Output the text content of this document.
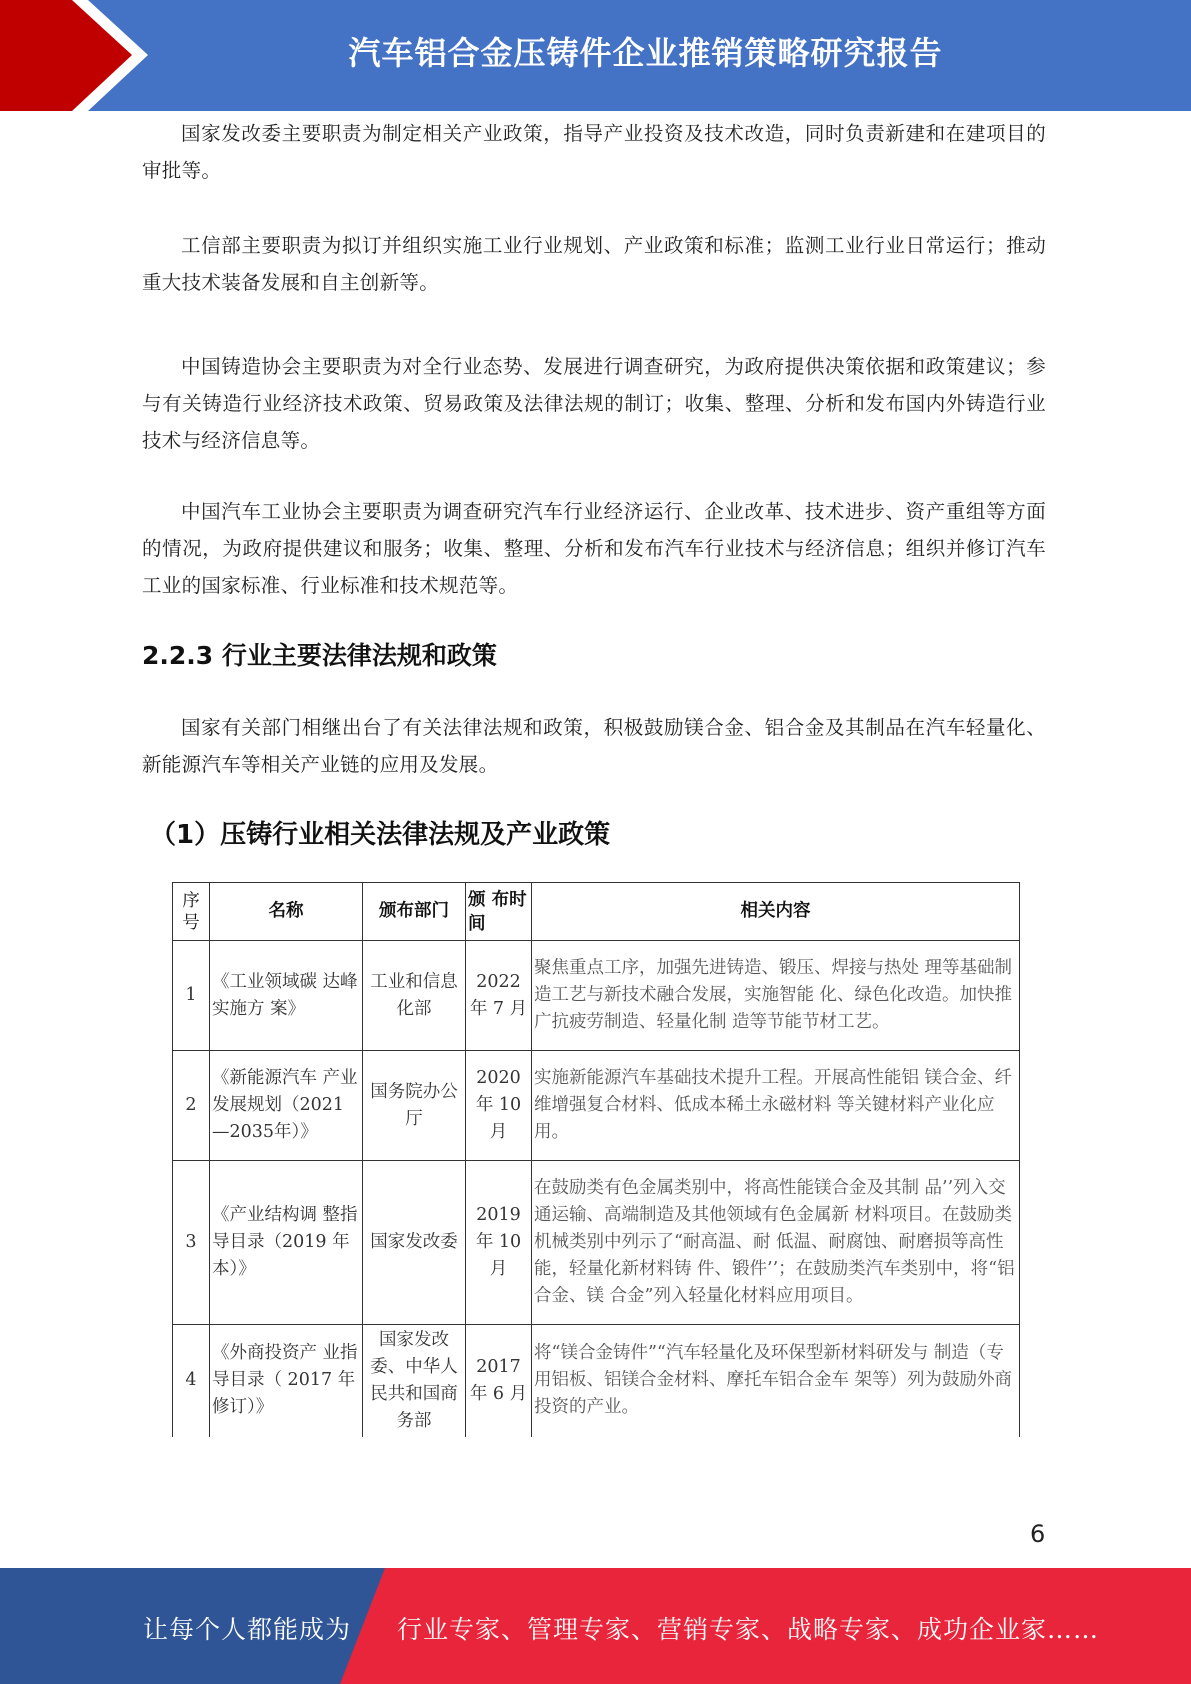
汽车铝合金压铸件企业推销策略研究报告

国家发改委主要职责为制定相关产业政策，指导产业投资及技术改造，同时负责新建和在建项目的审批等。

工信部主要职责为拟订并组织实施工业行业规划、产业政策和标准；监测工业行业日常运行；推动重大技术装备发展和自主创新等。

中国铸造协会主要职责为对全行业态势、发展进行调查研究，为政府提供决策依据和政策建议；参与有关铸造行业经济技术政策、贸易政策及法律法规的制订；收集、整理、分析和发布国内外铸造行业技术与经济信息等。

中国汽车工业协会主要职责为调查研究汽车行业经济运行、企业改革、技术进步、资产重组等方面的情况，为政府提供建议和服务；收集、整理、分析和发布汽车行业技术与经济信息；组织并修订汽车工业的国家标准、行业标准和技术规范等。

2.2.3 行业主要法律法规和政策

国家有关部门相继出台了有关法律法规和政策，积极鼓励镁合金、铝合金及其制品在汽车轻量化、新能源汽车等相关产业链的应用及发展。

（1）压铸行业相关法律法规及产业政策
序号	名称	颁布部门	颁 布时间	相关内容
1	《工业领域碳 达峰实施方 案》	工业和信息化部	2022 年 7 月	聚焦重点工序，加强先进铸造、锻压、焊接与热处 理等基础制造工艺与新技术融合发展，实施智能 化、绿色化改造。加快推广抗疲劳制造、轻量化制 造等节能节材工艺。
2	《新能源汽车 产业发展规划（2021—2035年）》	国务院办公厅	2020 年 10 月	实施新能源汽车基础技术提升工程。开展高性能铝 镁合金、纤维增强复合材料、低成本稀土永磁材料 等关键材料产业化应用。
3	《产业结构调 整指导目录（2019 年本）》	国家发改委	2019 年 10 月	在鼓励类有色金属类别中，将高性能镁合金及其制 品’’列入交通运输、高端制造及其他领域有色金属新 材料项目。在鼓励类机械类别中列示了“耐高温、耐 低温、耐腐蚀、耐磨损等高性能，轻量化新材料铸 件、锻件’’；在鼓励类汽车类别中，将“铝合金、镁 合金”列入轻量化材料应用项目。
4	《外商投资产 业指导目录（ 2017 年 修订）》	国家发改委、中华人民共和国商务部	2017 年 6 月	将“镁合金铸件”“汽车轻量化及环保型新材料研发与 制造（专用铝板、铝镁合金材料、摩托车铝合金车 架等）列为鼓励外商投资的产业。
6
让每个人都能成为 行业专家、管理专家、营销专家、战略专家、成功企业家……
